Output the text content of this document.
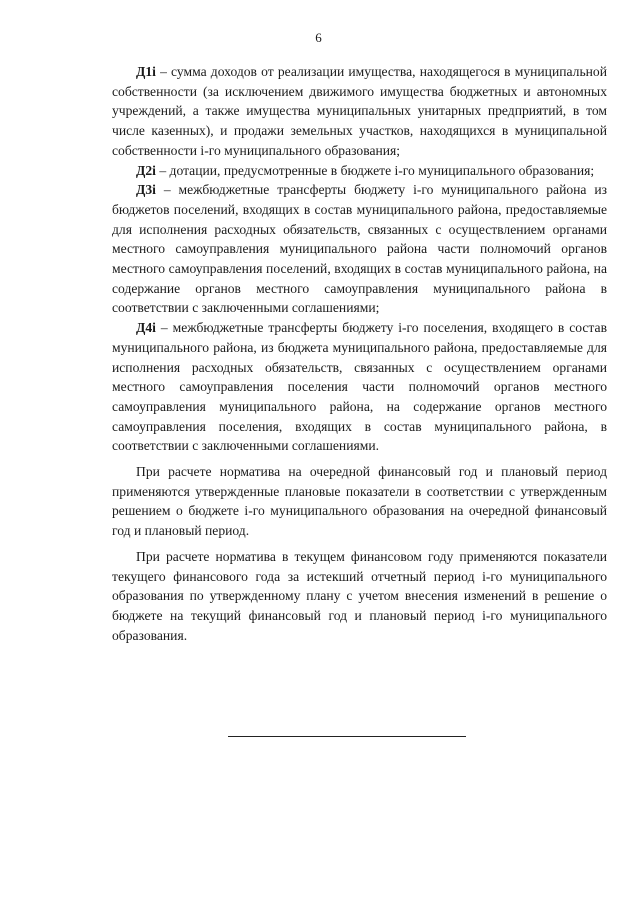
6

Д1i – сумма доходов от реализации имущества, находящегося в муниципальной собственности (за исключением движимого имущества бюджетных и автономных учреждений, а также имущества муниципальных унитарных предприятий, в том числе казенных), и продажи земельных участков, находящихся в муниципальной собственности i-го муниципального образования;

Д2i – дотации, предусмотренные в бюджете i-го муниципального образования;

Д3i – межбюджетные трансферты бюджету i-го муниципального района из бюджетов поселений, входящих в состав муниципального района, предоставляемые для исполнения расходных обязательств, связанных с осуществлением органами местного самоуправления муниципального района части полномочий органов местного самоуправления поселений, входящих в состав муниципального района, на содержание органов местного самоуправления муниципального района в соответствии с заключенными соглашениями;

Д4i – межбюджетные трансферты бюджету i-го поселения, входящего в состав муниципального района, из бюджета муниципального района, предоставляемые для исполнения расходных обязательств, связанных с осуществлением органами местного самоуправления поселения части полномочий органов местного самоуправления муниципального района, на содержание органов местного самоуправления поселения, входящих в состав муниципального района, в соответствии с заключенными соглашениями.

При расчете норматива на очередной финансовый год и плановый период применяются утвержденные плановые показатели в соответствии с утвержденным решением о бюджете i-го муниципального образования на очередной финансовый год и плановый период.

При расчете норматива в текущем финансовом году применяются показатели текущего финансового года за истекший отчетный период i-го муниципального образования по утвержденному плану с учетом внесения изменений в решение о бюджете на текущий финансовый год и плановый период i-го муниципального образования.
